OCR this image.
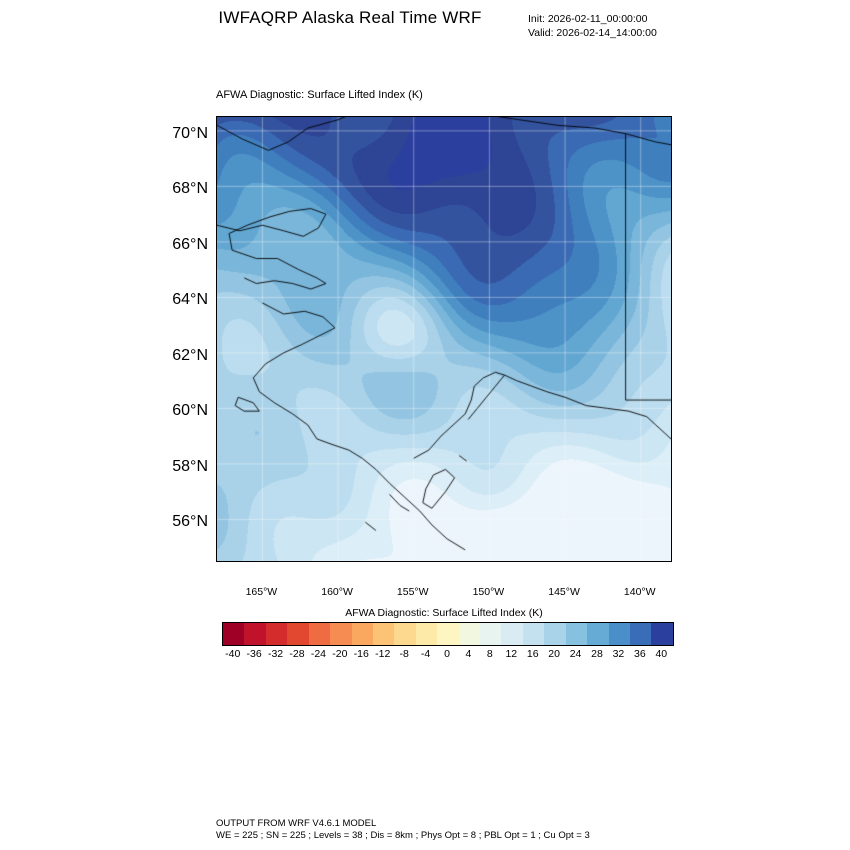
IWFAQRP Alaska Real Time WRF	Init: 2026-02-11_00:00:00
Valid: 2026-02-14_14:00:00
AFWA Diagnostic: Surface Lifted Index (K)
70°N
68°N
66°N
64°N
62°N
60°N
58°N
56°N
165°W	160°W	155°W	150°W	145°W	140°W
AFWA Diagnostic: Surface Lifted Index (K)
-40 -36 -32 -28 -24 -20 -16 -12 -8 -4 0 4 8 12 16 20 24 28 32 36 40
OUTPUT FROM WRF V4.6.1 MODEL
WE = 225 ; SN = 225 ; Levels = 38 ; Dis = 8km ; Phys Opt = 8 ; PBL Opt = 1 ; Cu Opt = 3
